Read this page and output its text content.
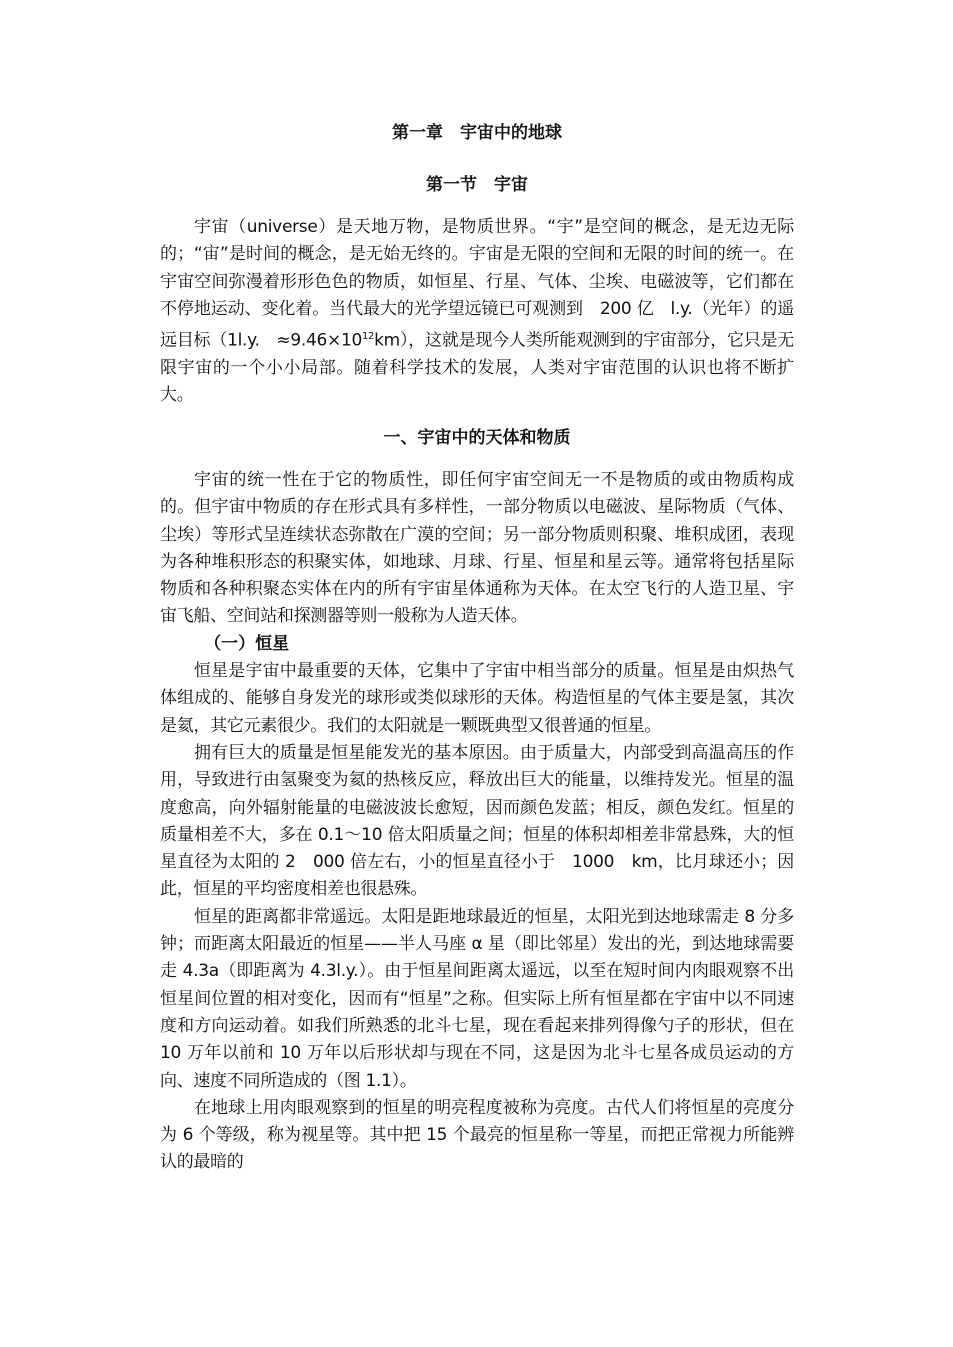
第一章　宇宙中的地球
第一节　宇宙

宇宙（universe）是天地万物，是物质世界。“宇”是空间的概念，是无边无际的；“宙”是时间的概念，是无始无终的。宇宙是无限的空间和无限的时间的统一。在宇宙空间弥漫着形形色色的物质，如恒星、行星、气体、尘埃、电磁波等，它们都在不停地运动、变化着。当代最大的光学望远镜已可观测到　200 亿　l.y.（光年）的遥远目标（1l.y.　$\approx 9.46\times 10^{12}km$），这就是现今人类所能观测到的宇宙部分，它只是无限宇宙的一个小小局部。随着科学技术的发展，人类对宇宙范围的认识也将不断扩大。

一、宇宙中的天体和物质

宇宙的统一性在于它的物质性，即任何宇宙空间无一不是物质的或由物质构成的。但宇宙中物质的存在形式具有多样性，一部分物质以电磁波、星际物质（气体、尘埃）等形式呈连续状态弥散在广漠的空间；另一部分物质则积聚、堆积成团，表现为各种堆积形态的积聚实体，如地球、月球、行星、恒星和星云等。通常将包括星际物质和各种积聚态实体在内的所有宇宙星体通称为天体。在太空飞行的人造卫星、宇宙飞船、空间站和探测器等则一般称为人造天体。

（一）恒星

恒星是宇宙中最重要的天体，它集中了宇宙中相当部分的质量。恒星是由炽热气体组成的、能够自身发光的球形或类似球形的天体。构造恒星的气体主要是氢，其次是氦，其它元素很少。我们的太阳就是一颗既典型又很普通的恒星。

拥有巨大的质量是恒星能发光的基本原因。由于质量大，内部受到高温高压的作用，导致进行由氢聚变为氦的热核反应，释放出巨大的能量，以维持发光。恒星的温度愈高，向外辐射能量的电磁波波长愈短，因而颜色发蓝；相反，颜色发红。恒星的质量相差不大，多在 0.1～10 倍太阳质量之间；恒星的体积却相差非常悬殊，大的恒星直径为太阳的 2　000 倍左右，小的恒星直径小于　1000　km，比月球还小；因此，恒星的平均密度相差也很悬殊。

恒星的距离都非常遥远。太阳是距地球最近的恒星，太阳光到达地球需走 8 分多钟；而距离太阳最近的恒星——半人马座 α 星（即比邻星）发出的光，到达地球需要走 4.3a（即距离为 4.3l.y.）。由于恒星间距离太遥远，以至在短时间内肉眼观察不出恒星间位置的相对变化，因而有“恒星”之称。但实际上所有恒星都在宇宙中以不同速度和方向运动着。如我们所熟悉的北斗七星，现在看起来排列得像勺子的形状，但在 10 万年以前和 10 万年以后形状却与现在不同，这是因为北斗七星各成员运动的方向、速度不同所造成的（图 1.1）。

在地球上用肉眼观察到的恒星的明亮程度被称为亮度。古代人们将恒星的亮度分为 6 个等级，称为视星等。其中把 15 个最亮的恒星称一等星，而把正常视力所能辨认的最暗的
